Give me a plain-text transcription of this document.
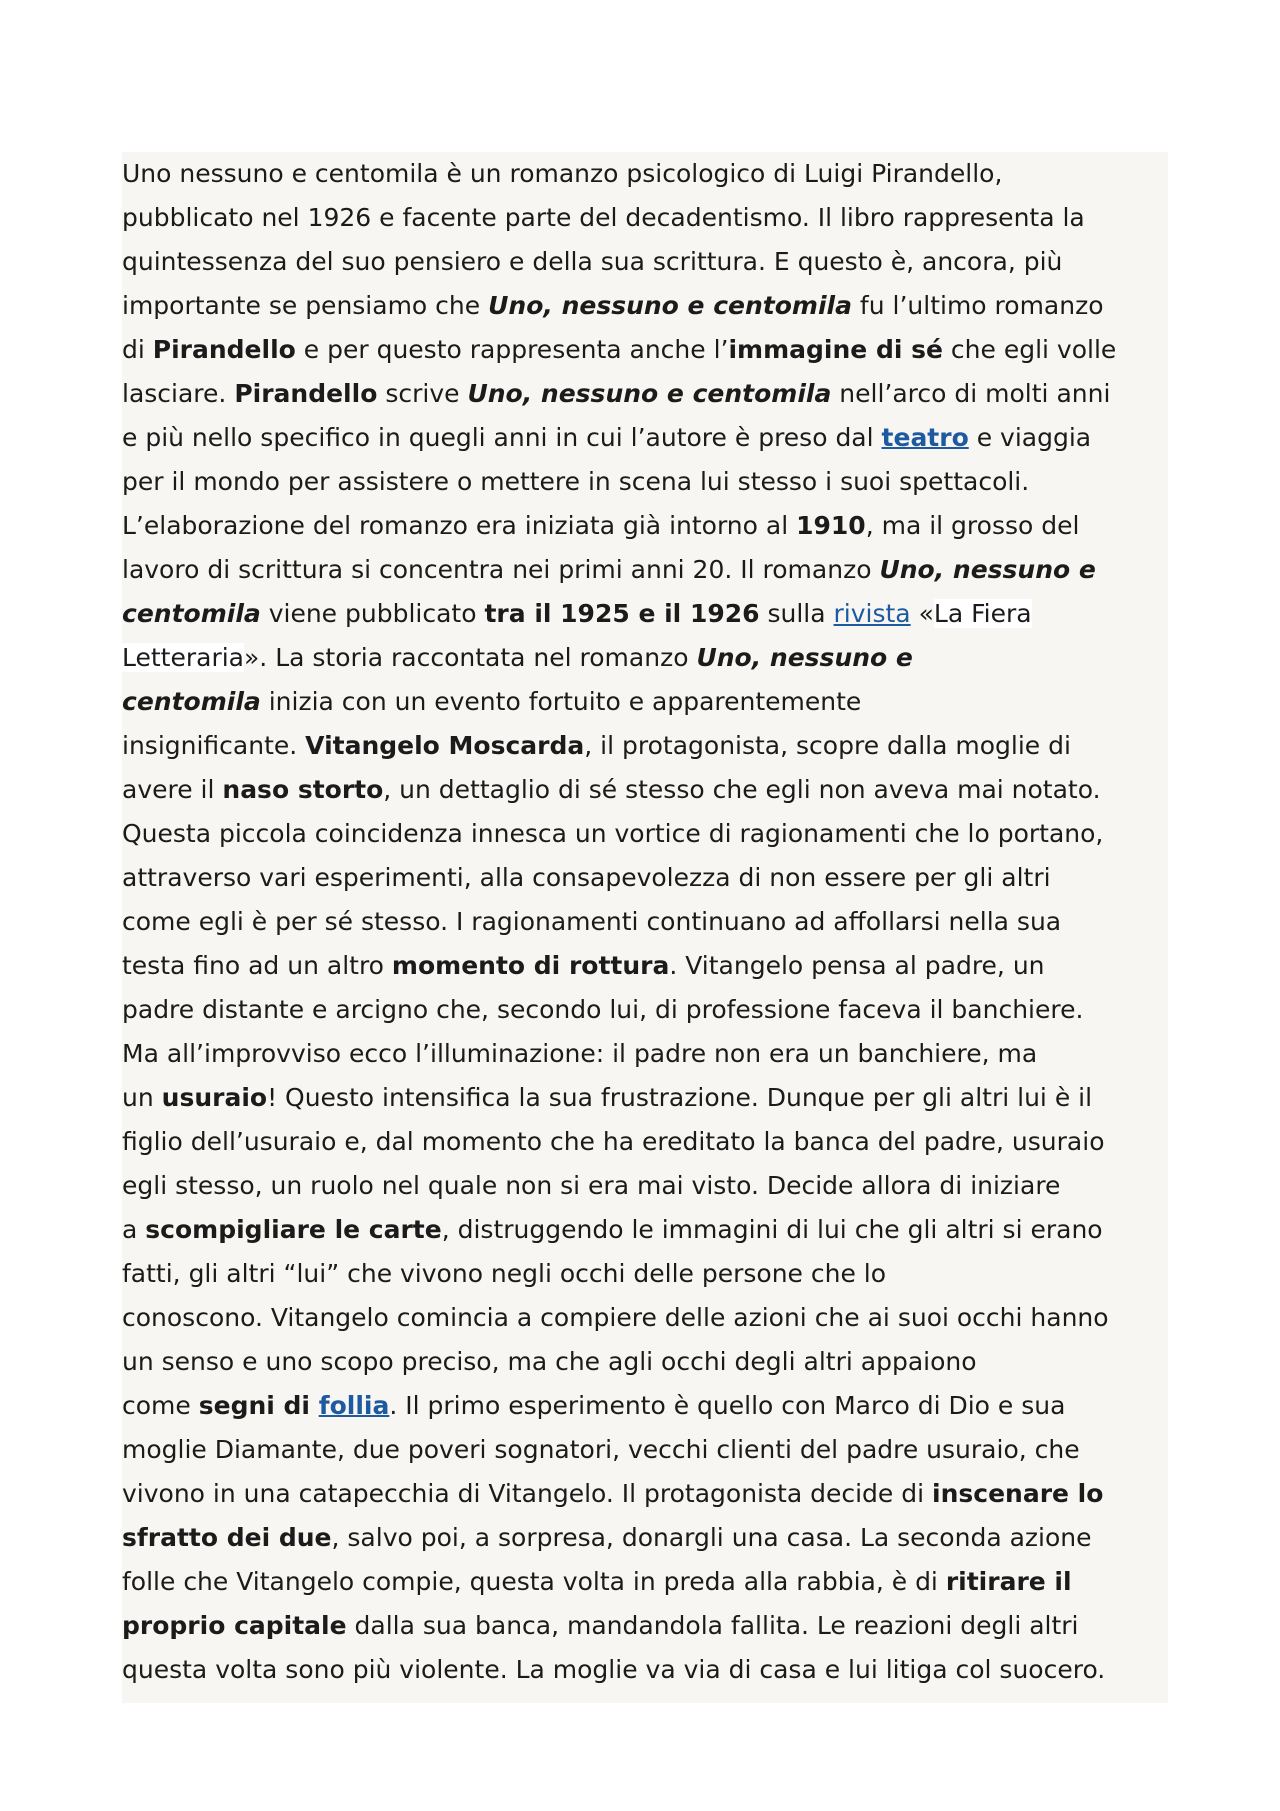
Uno nessuno e centomila è un romanzo psicologico di Luigi Pirandello,
pubblicato nel 1926 e facente parte del decadentismo. Il libro rappresenta la
quintessenza del suo pensiero e della sua scrittura. E questo è, ancora, più
importante se pensiamo che Uno, nessuno e centomila fu l’ultimo romanzo
di Pirandello e per questo rappresenta anche l’immagine di sé che egli volle
lasciare. Pirandello scrive Uno, nessuno e centomila nell’arco di molti anni
e più nello specifico in quegli anni in cui l’autore è preso dal teatro e viaggia
per il mondo per assistere o mettere in scena lui stesso i suoi spettacoli.
L’elaborazione del romanzo era iniziata già intorno al 1910, ma il grosso del
lavoro di scrittura si concentra nei primi anni 20. Il romanzo Uno, nessuno e
centomila viene pubblicato tra il 1925 e il 1926 sulla rivista «La Fiera
Letteraria». La storia raccontata nel romanzo Uno, nessuno e
centomila inizia con un evento fortuito e apparentemente
insignificante. Vitangelo Moscarda, il protagonista, scopre dalla moglie di
avere il naso storto, un dettaglio di sé stesso che egli non aveva mai notato.
Questa piccola coincidenza innesca un vortice di ragionamenti che lo portano,
attraverso vari esperimenti, alla consapevolezza di non essere per gli altri
come egli è per sé stesso. I ragionamenti continuano ad affollarsi nella sua
testa fino ad un altro momento di rottura. Vitangelo pensa al padre, un
padre distante e arcigno che, secondo lui, di professione faceva il banchiere.
Ma all’improvviso ecco l’illuminazione: il padre non era un banchiere, ma
un usuraio! Questo intensifica la sua frustrazione. Dunque per gli altri lui è il
figlio dell’usuraio e, dal momento che ha ereditato la banca del padre, usuraio
egli stesso, un ruolo nel quale non si era mai visto. Decide allora di iniziare
a scompigliare le carte, distruggendo le immagini di lui che gli altri si erano
fatti, gli altri “lui” che vivono negli occhi delle persone che lo
conoscono. Vitangelo comincia a compiere delle azioni che ai suoi occhi hanno
un senso e uno scopo preciso, ma che agli occhi degli altri appaiono
come segni di follia. Il primo esperimento è quello con Marco di Dio e sua
moglie Diamante, due poveri sognatori, vecchi clienti del padre usuraio, che
vivono in una catapecchia di Vitangelo. Il protagonista decide di inscenare lo
sfratto dei due, salvo poi, a sorpresa, donargli una casa. La seconda azione
folle che Vitangelo compie, questa volta in preda alla rabbia, è di ritirare il
proprio capitale dalla sua banca, mandandola fallita. Le reazioni degli altri
questa volta sono più violente. La moglie va via di casa e lui litiga col suocero.
